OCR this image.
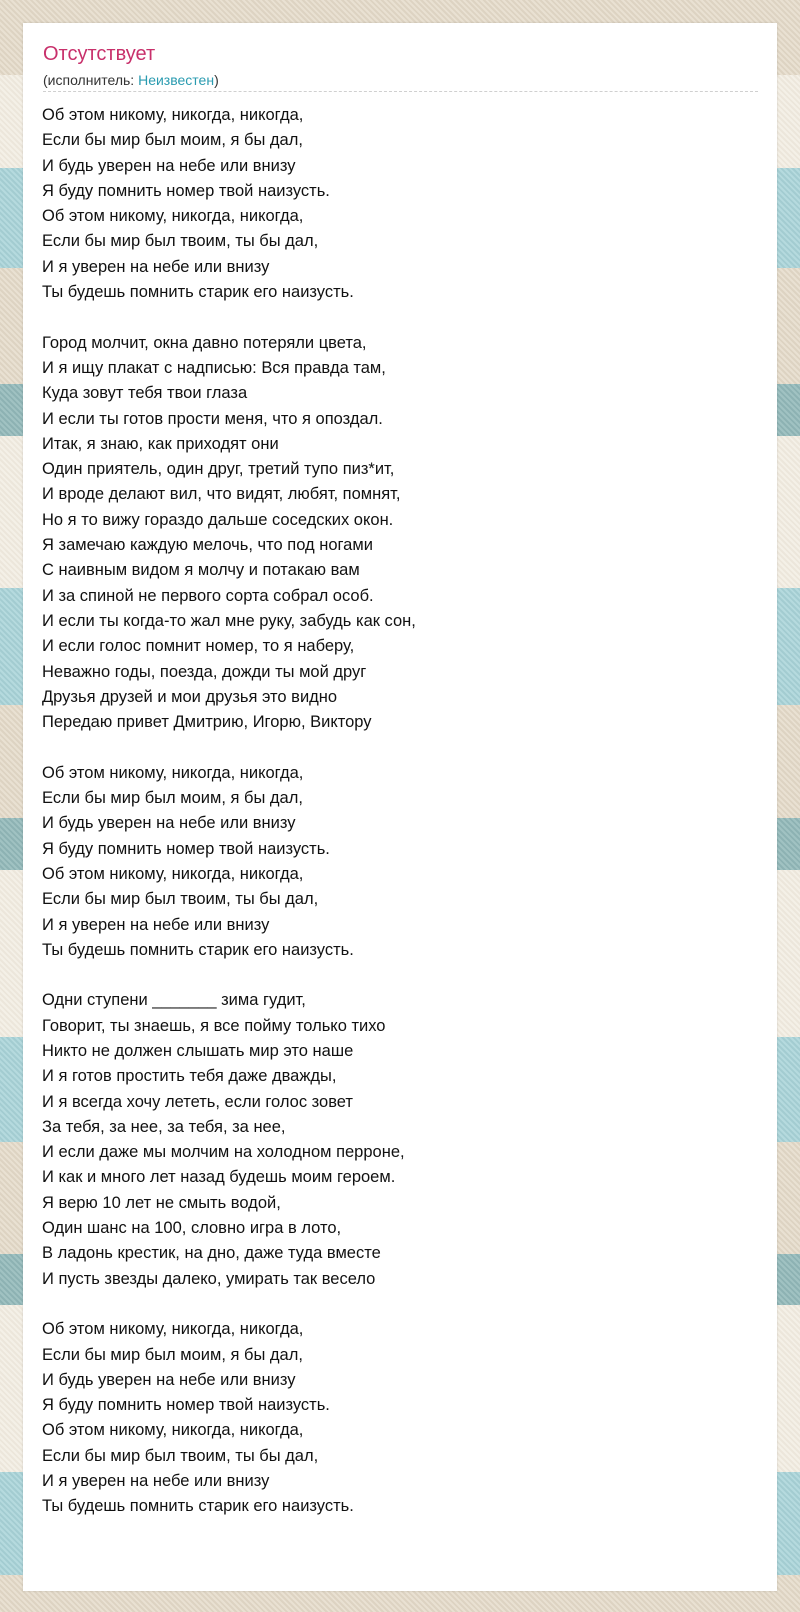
Отсутствует
(исполнитель: Неизвестен)
Об этом никому, никогда, никогда,
Если бы мир был моим, я бы дал,
И будь уверен на небе или внизу
Я буду помнить номер твой наизусть.
Об этом никому, никогда, никогда,
Если бы мир был твоим, ты бы дал,
И я уверен на небе или внизу
Ты будешь помнить старик его наизусть.
Город молчит, окна давно потеряли цвета,
И я ищу плакат с надписью: Вся правда там,
Куда зовут тебя твои глаза
И если ты готов прости меня, что я опоздал.
Итак, я знаю, как приходят они
Один приятель, один друг, третий тупо пиз*ит,
И вроде делают вил, что видят, любят, помнят,
Но я то вижу гораздо дальше соседских окон.
Я замечаю каждую мелочь, что под ногами
С наивным видом я молчу и потакаю вам
И за спиной не первого сорта собрал особ.
И если ты когда-то жал мне руку, забудь как сон,
И если голос помнит номер, то я наберу,
Неважно годы, поезда, дожди ты мой друг
Друзья друзей и мои друзья это видно
Передаю привет Дмитрию, Игорю, Виктору
Об этом никому, никогда, никогда,
Если бы мир был моим, я бы дал,
И будь уверен на небе или внизу
Я буду помнить номер твой наизусть.
Об этом никому, никогда, никогда,
Если бы мир был твоим, ты бы дал,
И я уверен на небе или внизу
Ты будешь помнить старик его наизусть.
Одни ступени _______ зима гудит,
Говорит, ты знаешь, я все пойму только тихо
Никто не должен слышать мир это наше
И я готов простить тебя даже дважды,
И я всегда хочу лететь, если голос зовет
За тебя, за нее, за тебя, за нее,
И если даже мы молчим на холодном перроне,
И как и много лет назад будешь моим героем.
Я верю 10 лет не смыть водой,
Один шанс на 100, словно игра в лото,
В ладонь крестик, на дно, даже туда вместе
И пусть звезды далеко, умирать так весело
Об этом никому, никогда, никогда,
Если бы мир был моим, я бы дал,
И будь уверен на небе или внизу
Я буду помнить номер твой наизусть.
Об этом никому, никогда, никогда,
Если бы мир был твоим, ты бы дал,
И я уверен на небе или внизу
Ты будешь помнить старик его наизусть.
